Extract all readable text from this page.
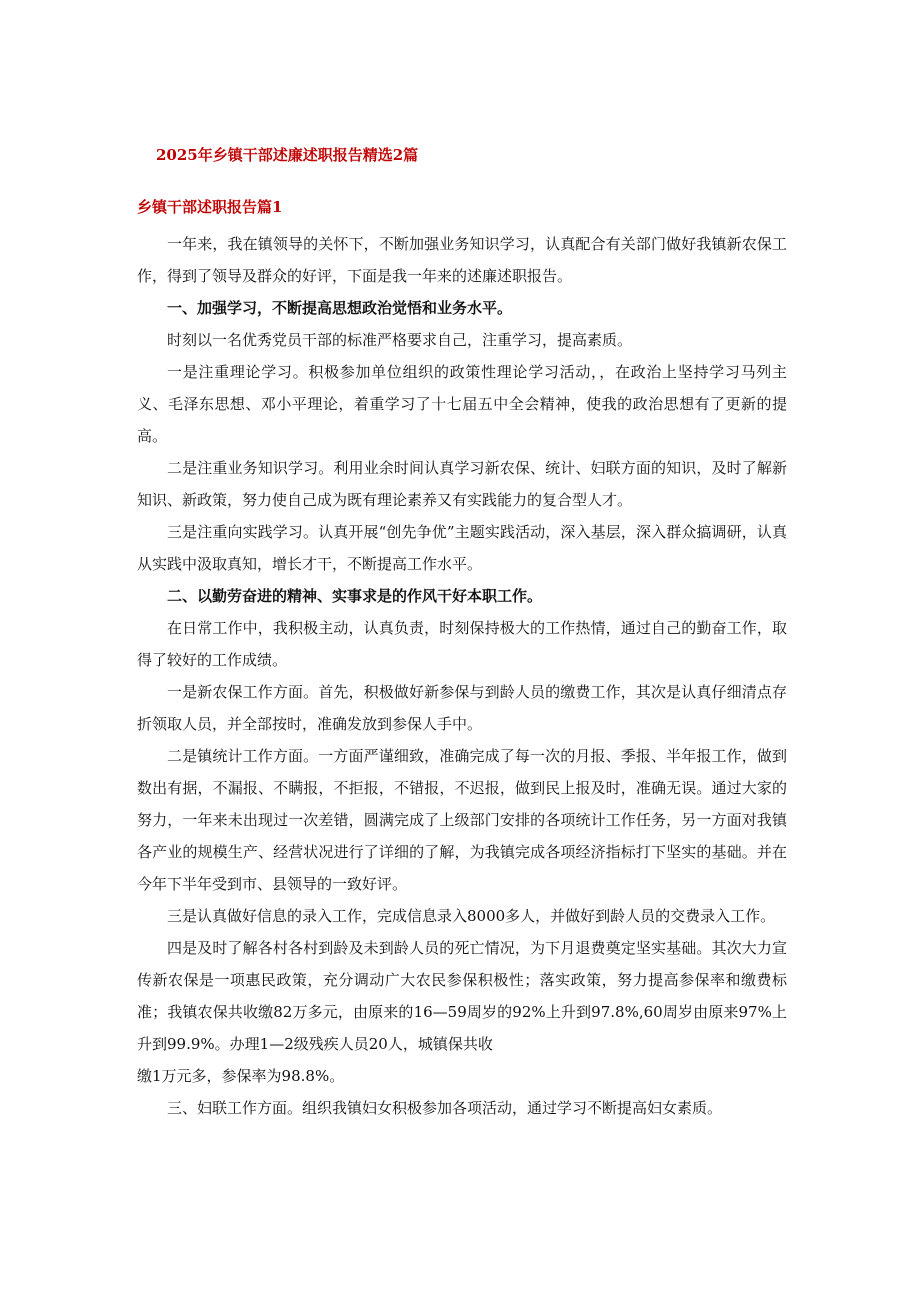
2025年乡镇干部述廉述职报告精选2篇
乡镇干部述职报告篇1

一年来，我在镇领导的关怀下，不断加强业务知识学习，认真配合有关部门做好我镇新农保工作，得到了领导及群众的好评，下面是我一年来的述廉述职报告。

一、加强学习，不断提高思想政治觉悟和业务水平。

时刻以一名优秀党员干部的标准严格要求自己，注重学习，提高素质。

一是注重理论学习。积极参加单位组织的政策性理论学习活动，，在政治上坚持学习马列主义、毛泽东思想、邓小平理论，着重学习了十七届五中全会精神，使我的政治思想有了更新的提高。

二是注重业务知识学习。利用业余时间认真学习新农保、统计、妇联方面的知识，及时了解新知识、新政策，努力使自己成为既有理论素养又有实践能力的复合型人才。

三是注重向实践学习。认真开展“创先争优”主题实践活动，深入基层，深入群众搞调研，认真从实践中汲取真知，增长才干，不断提高工作水平。

二、以勤劳奋进的精神、实事求是的作风干好本职工作。

在日常工作中，我积极主动，认真负责，时刻保持极大的工作热情，通过自己的勤奋工作，取得了较好的工作成绩。

一是新农保工作方面。首先，积极做好新参保与到龄人员的缴费工作，其次是认真仔细清点存折领取人员，并全部按时，准确发放到参保人手中。

二是镇统计工作方面。一方面严谨细致，准确完成了每一次的月报、季报、半年报工作，做到数出有据，不漏报、不瞒报，不拒报，不错报，不迟报，做到民上报及时，准确无误。通过大家的努力，一年来未出现过一次差错，圆满完成了上级部门安排的各项统计工作任务，另一方面对我镇各产业的规模生产、经营状况进行了详细的了解，为我镇完成各项经济指标打下坚实的基础。并在今年下半年受到市、县领导的一致好评。

三是认真做好信息的录入工作，完成信息录入8000多人，并做好到龄人员的交费录入工作。

四是及时了解各村各村到龄及未到龄人员的死亡情况，为下月退费奠定坚实基础。其次大力宣传新农保是一项惠民政策，充分调动广大农民参保积极性；落实政策，努力提高参保率和缴费标准；我镇农保共收缴82万多元，由原来的16—59周岁的92%上升到97.8%,60周岁由原来97%上升到99.9%。办理1—2级残疾人员20人，城镇保共收

缴1万元多，参保率为98.8%。

三、妇联工作方面。组织我镇妇女积极参加各项活动，通过学习不断提高妇女素质。
